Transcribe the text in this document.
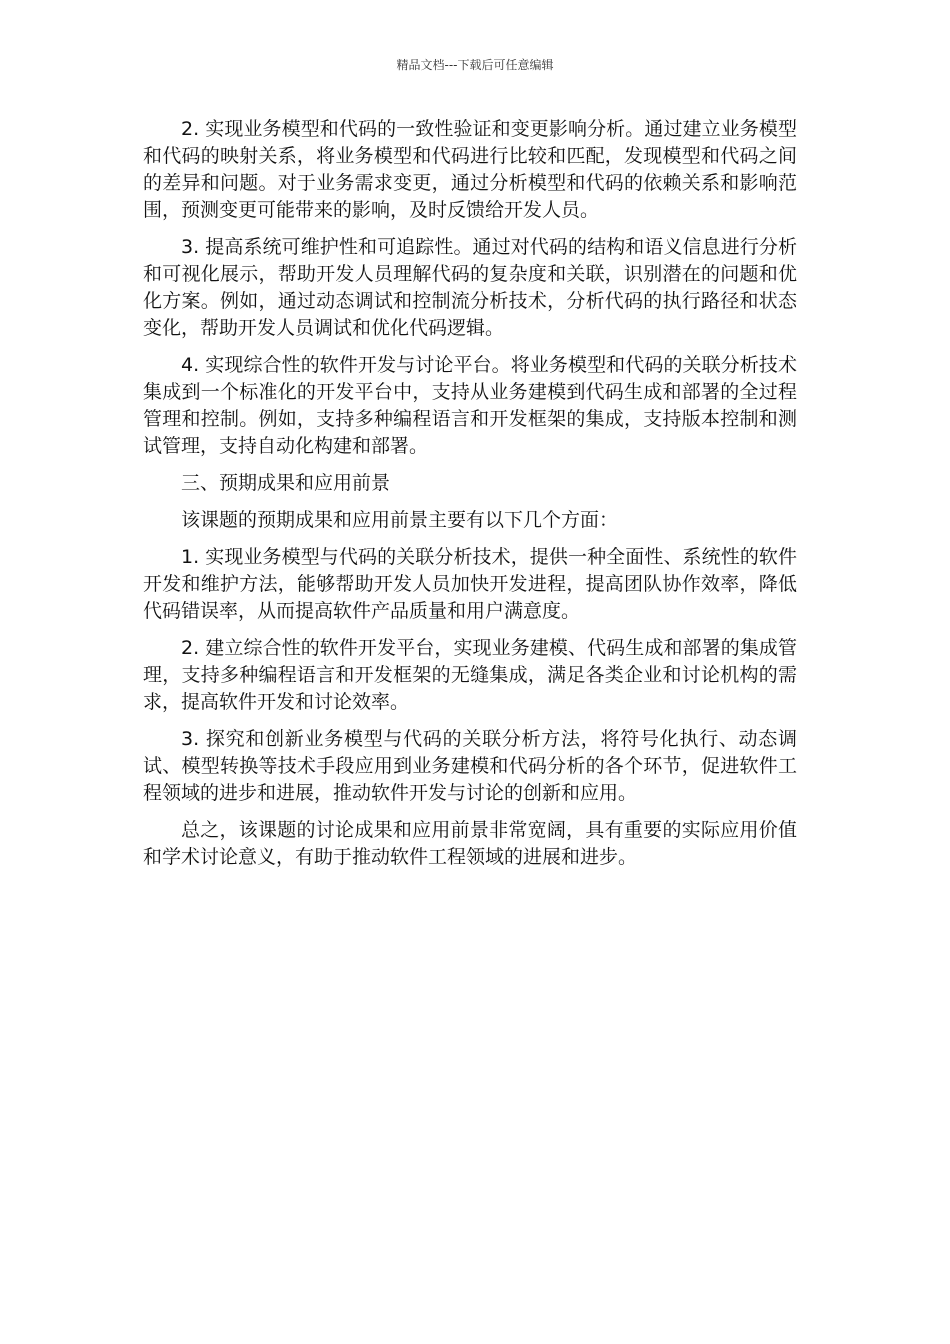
精品文档---下载后可任意编辑

2. 实现业务模型和代码的一致性验证和变更影响分析。通过建立业务模型和代码的映射关系，将业务模型和代码进行比较和匹配，发现模型和代码之间的差异和问题。对于业务需求变更，通过分析模型和代码的依赖关系和影响范围，预测变更可能带来的影响，及时反馈给开发人员。

3. 提高系统可维护性和可追踪性。通过对代码的结构和语义信息进行分析和可视化展示，帮助开发人员理解代码的复杂度和关联，识别潜在的问题和优化方案。例如，通过动态调试和控制流分析技术，分析代码的执行路径和状态变化，帮助开发人员调试和优化代码逻辑。

4. 实现综合性的软件开发与讨论平台。将业务模型和代码的关联分析技术集成到一个标准化的开发平台中，支持从业务建模到代码生成和部署的全过程管理和控制。例如，支持多种编程语言和开发框架的集成，支持版本控制和测试管理，支持自动化构建和部署。

三、预期成果和应用前景

该课题的预期成果和应用前景主要有以下几个方面：

1. 实现业务模型与代码的关联分析技术，提供一种全面性、系统性的软件开发和维护方法，能够帮助开发人员加快开发进程，提高团队协作效率，降低代码错误率，从而提高软件产品质量和用户满意度。

2. 建立综合性的软件开发平台，实现业务建模、代码生成和部署的集成管理，支持多种编程语言和开发框架的无缝集成，满足各类企业和讨论机构的需求，提高软件开发和讨论效率。

3. 探究和创新业务模型与代码的关联分析方法，将符号化执行、动态调试、模型转换等技术手段应用到业务建模和代码分析的各个环节，促进软件工程领域的进步和进展，推动软件开发与讨论的创新和应用。

总之，该课题的讨论成果和应用前景非常宽阔，具有重要的实际应用价值和学术讨论意义，有助于推动软件工程领域的进展和进步。
